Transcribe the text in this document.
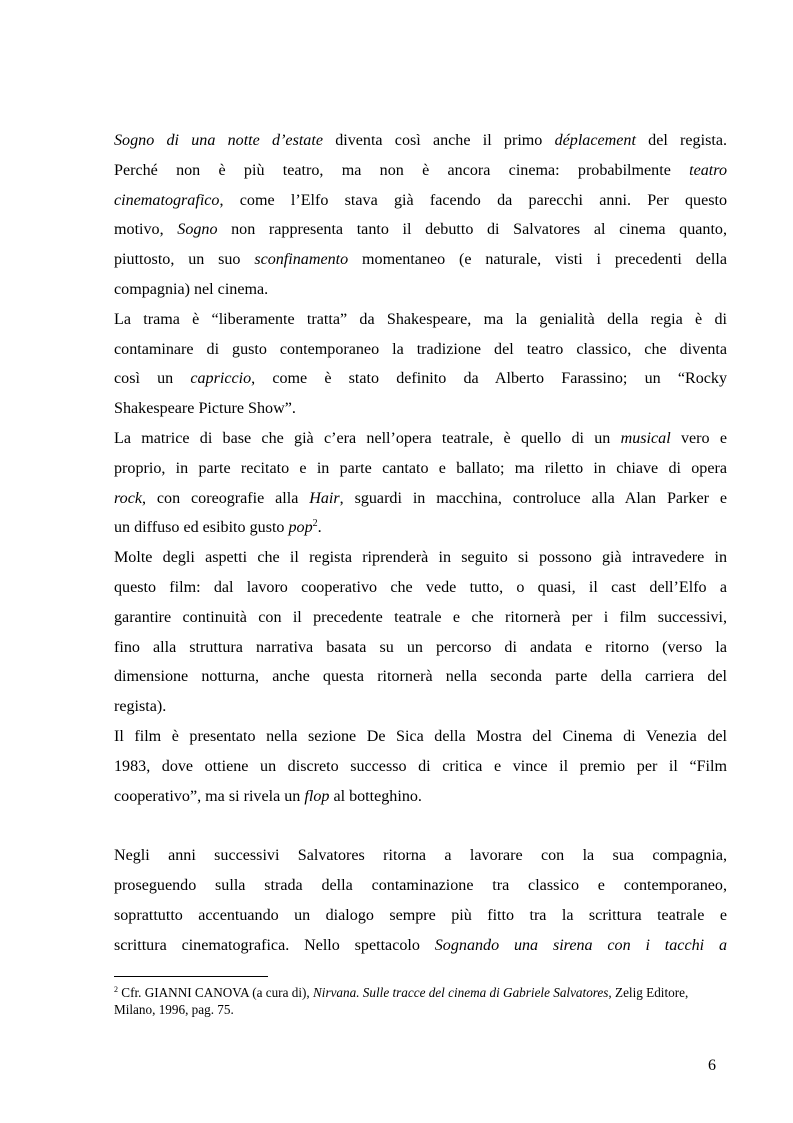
Sogno di una notte d’estate diventa così anche il primo déplacement del regista.
Perché non è più teatro, ma non è ancora cinema: probabilmente teatro
cinematografico, come l’Elfo stava già facendo da parecchi anni. Per questo
motivo, Sogno non rappresenta tanto il debutto di Salvatores al cinema quanto,
piuttosto, un suo sconfinamento momentaneo (e naturale, visti i precedenti della
compagnia) nel cinema.
La trama è “liberamente tratta” da Shakespeare, ma la genialità della regia è di
contaminare di gusto contemporaneo la tradizione del teatro classico, che diventa
così un capriccio, come è stato definito da Alberto Farassino; un “Rocky
Shakespeare Picture Show”.
La matrice di base che già c’era nell’opera teatrale, è quello di un musical vero e
proprio, in parte recitato e in parte cantato e ballato; ma riletto in chiave di opera
rock, con coreografie alla Hair, sguardi in macchina, controluce alla Alan Parker e
un diffuso ed esibito gusto pop$^2$.
Molte degli aspetti che il regista riprenderà in seguito si possono già intravedere in
questo film: dal lavoro cooperativo che vede tutto, o quasi, il cast dell’Elfo a
garantire continuità con il precedente teatrale e che ritornerà per i film successivi,
fino alla struttura narrativa basata su un percorso di andata e ritorno (verso la
dimensione notturna, anche questa ritornerà nella seconda parte della carriera del
regista).
Il film è presentato nella sezione De Sica della Mostra del Cinema di Venezia del
1983, dove ottiene un discreto successo di critica e vince il premio per il “Film
cooperativo”, ma si rivela un flop al botteghino.
Negli anni successivi Salvatores ritorna a lavorare con la sua compagnia,
proseguendo sulla strada della contaminazione tra classico e contemporaneo,
soprattutto accentuando un dialogo sempre più fitto tra la scrittura teatrale e
scrittura cinematografica. Nello spettacolo Sognando una sirena con i tacchi a
$^2$ Cfr. GIANNI CANOVA (a cura di), Nirvana. Sulle tracce del cinema di Gabriele Salvatores, Zelig Editore,
Milano, 1996, pag. 75.
6
